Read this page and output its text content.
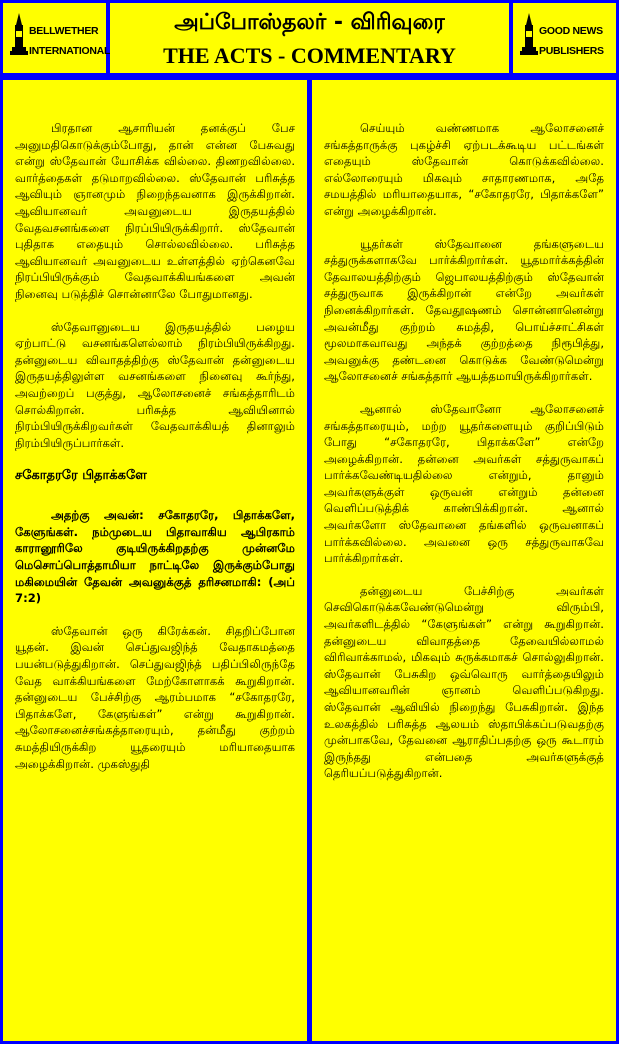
BELLWETHER
INTERNATIONAL
அப்போஸ்தலர் - விரிவுரை
THE ACTS - COMMENTARY
GOOD NEWS
PUBLISHERS

பிரதான ஆசாரியன் தனக்குப் பேச அனுமதிகொடுக்கும்போது, தான் என்ன பேசுவது என்று ஸ்தேவான் யோசிக்க வில்லை. திணறவில்லை. வார்த்தைகள் தடுமாறவில்லை. ஸ்தேவான் பரிசுத்த ஆவியும் ஞானமும் நிறைந்தவனாக இருக்கிறான். ஆவியானவர் அவனுடைய இருதயத்தில் வேதவசனங்களை நிரப்பியிருக்கிறார். ஸ்தேவான் புதிதாக எதையும் சொல்லவில்லை. பரிசுத்த ஆவியானவர் அவனுடைய உள்ளத்தில் ஏற்கெனவே நிரப்பியிருக்கும் வேதவாக்கியங்களை அவன் நினைவு படுத்திச் சொன்னாலே போதுமானது.

ஸ்தேவானுடைய இருதயத்தில் பழைய ஏற்பாட்டு வசனங்களெல்லாம் நிரம்பியிருக்கிறது. தன்னுடைய விவாதத்திற்கு ஸ்தேவான் தன்னுடைய இருதயத்திலுள்ள வசனங்களை நினைவு கூர்ந்து, அவற்றைப் பகுத்து, ஆலோசனைச் சங்கத்தாரிடம் சொல்கிறான். பரிசுத்த ஆவியினால் நிரம்பியிருக்கிறவர்கள் வேதவாக்கியத் தினாலும் நிரம்பியிருப்பார்கள்.

சகோதரரே பிதாக்களே

அதற்கு அவன்: சகோதரரே, பிதாக்களே, கேளுங்கள். நம்முடைய பிதாவாகிய ஆபிரகாம் காரானூரிலே குடியிருக்கிறதற்கு முன்னமே மெசொப்பொத்தாமியா நாட்டிலே இருக்கும்போது மகிமையின் தேவன் அவனுக்குத் தரிசனமாகி: (அப் 7:2)

ஸ்தேவான் ஒரு கிரேக்கன். சிதறிப்போன யூதன். இவன் செப்துவஜிந்த் வேதாகமத்தை பயன்படுத்துகிறான். செப்துவஜிந்த் பதிப்பிலிருந்தே வேத வாக்கியங்களை மேற்கோளாகக் கூறுகிறான். தன்னுடைய பேச்சிற்கு ஆரம்பமாக “சகோதரரே, பிதாக்களே, கேளுங்கள்” என்று கூறுகிறான். ஆலோசனைச்சங்கத்தாரையும், தன்மீது குற்றம் சுமத்தியிருக்கிற யூதரையும் மரியாதையாக அழைக்கிறான். முகஸ்துதி

செய்யும் வண்ணமாக ஆலோசனைச் சங்கத்தாருக்கு புகழ்ச்சி ஏற்படக்கூடிய பட்டங்கள் எதையும் ஸ்தேவான் கொடுக்கவில்லை. எல்லோரையும் மிகவும் சாதாரணமாக, அதே சமயத்தில் மரியாதையாக, “சகோதரரே, பிதாக்களே” என்று அழைக்கிறான்.

யூதர்கள் ஸ்தேவானை தங்களுடைய சத்துருக்களாகவே பார்க்கிறார்கள். யூதமார்க்கத்தின் தேவாலயத்திற்கும் ஜெபாலயத்திற்கும் ஸ்தேவான் சத்துருவாக இருக்கிறான் என்றே அவர்கள் நினைக்கிறார்கள். தேவதூஷணம் சொன்னானென்று அவன்மீது குற்றம் சுமத்தி, பொய்ச்சாட்சிகள் மூலமாகவாவது அந்தக் குற்றத்தை நிரூபித்து, அவனுக்கு தண்டனை கொடுக்க வேண்டுமென்று ஆலோசனைச் சங்கத்தார் ஆயத்தமாயிருக்கிறார்கள்.

ஆனால் ஸ்தேவானோ ஆலோசனைச் சங்கத்தாரையும், மற்ற யூதர்களையும் குறிப்பிடும் போது “சகோதரரே, பிதாக்களே” என்றே அழைக்கிறான். தன்னை அவர்கள் சத்துருவாகப் பார்க்கவேண்டியதில்லை என்றும், தானும் அவர்களுக்குள் ஒருவன் என்றும் தன்னை வெளிப்படுத்திக் காண்பிக்கிறான். ஆனால் அவர்களோ ஸ்தேவானை தங்களில் ஒருவனாகப் பார்க்கவில்லை. அவனை ஒரு சத்துருவாகவே பார்க்கிறார்கள்.

தன்னுடைய பேச்சிற்கு அவர்கள் செவிகொடுக்கவேண்டுமென்று விரும்பி, அவர்களிடத்தில் “கேளுங்கள்” என்று கூறுகிறான். தன்னுடைய விவாதத்தை தேவையில்லாமல் விரிவாக்காமல், மிகவும் சுருக்கமாகச் சொல்லுகிறான். ஸ்தேவான் பேசுகிற ஒவ்வொரு வார்த்தையிலும் ஆவியானவரின் ஞானம் வெளிப்படுகிறது. ஸ்தேவான் ஆவியில் நிறைந்து பேசுகிறான். இந்த உலகத்தில் பரிசுத்த ஆலயம் ஸ்தாபிக்கப்படுவதற்கு முன்பாகவே, தேவனை ஆராதிப்பதற்கு ஒரு கூடாரம் இருந்தது என்பதை அவர்களுக்குத் தெரியப்படுத்துகிறான்.
